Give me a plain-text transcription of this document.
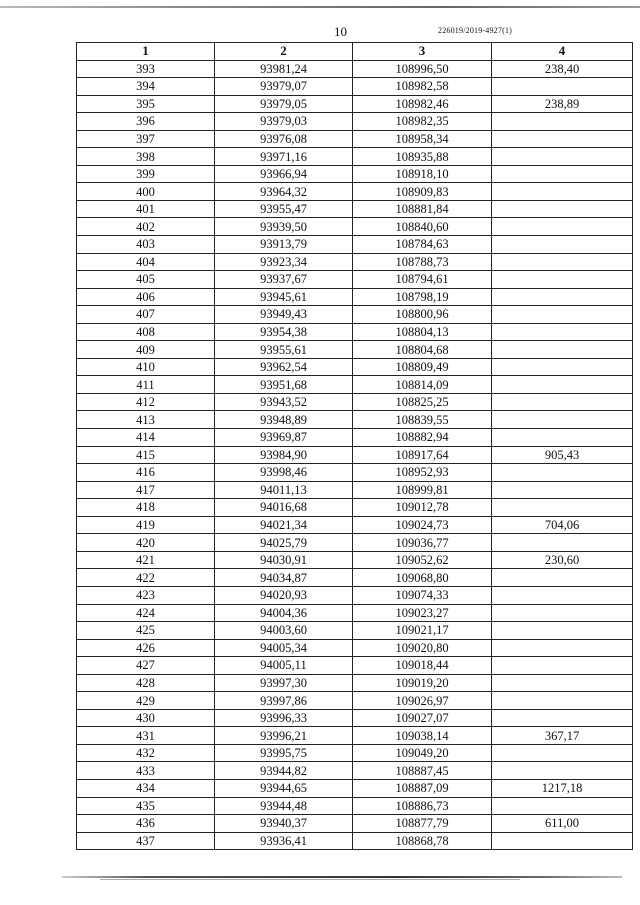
10	226019/2019-4927(1)
1	2	3	4
393	93981,24	108996,50	238,40
394	93979,07	108982,58	
395	93979,05	108982,46	238,89
396	93979,03	108982,35	
397	93976,08	108958,34	
398	93971,16	108935,88	
399	93966,94	108918,10	
400	93964,32	108909,83	
401	93955,47	108881,84	
402	93939,50	108840,60	
403	93913,79	108784,63	
404	93923,34	108788,73	
405	93937,67	108794,61	
406	93945,61	108798,19	
407	93949,43	108800,96	
408	93954,38	108804,13	
409	93955,61	108804,68	
410	93962,54	108809,49	
411	93951,68	108814,09	
412	93943,52	108825,25	
413	93948,89	108839,55	
414	93969,87	108882,94	
415	93984,90	108917,64	905,43
416	93998,46	108952,93	
417	94011,13	108999,81	
418	94016,68	109012,78	
419	94021,34	109024,73	704,06
420	94025,79	109036,77	
421	94030,91	109052,62	230,60
422	94034,87	109068,80	
423	94020,93	109074,33	
424	94004,36	109023,27	
425	94003,60	109021,17	
426	94005,34	109020,80	
427	94005,11	109018,44	
428	93997,30	109019,20	
429	93997,86	109026,97	
430	93996,33	109027,07	
431	93996,21	109038,14	367,17
432	93995,75	109049,20	
433	93944,82	108887,45	
434	93944,65	108887,09	1217,18
435	93944,48	108886,73	
436	93940,37	108877,79	611,00
437	93936,41	108868,78	
